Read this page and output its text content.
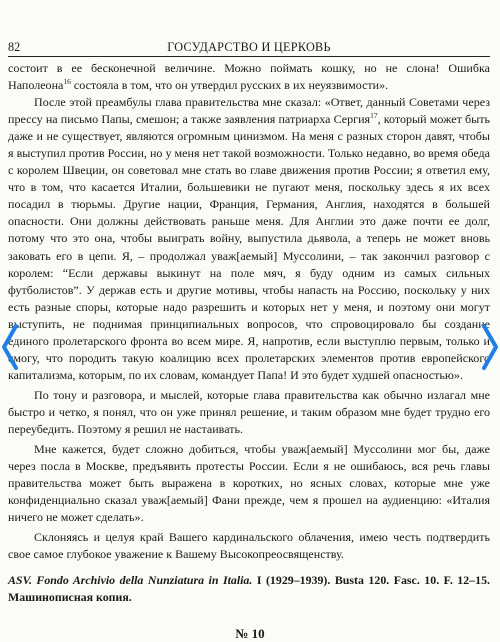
82	ГОСУДАРСТВО И ЦЕРКОВЬ

состоит в ее бесконечной величине. Можно поймать кошку, но не слона! Ошибка Наполеона$^{16}$ состояла в том, что он утвердил русских в их неуязвимости».

После этой преамбулы глава правительства мне сказал: «Ответ, данный Советами через прессу на письмо Папы, смешон; а также заявления патриарха Сергия$^{17}$, который может быть даже и не существует, являются огромным цинизмом. На меня с разных сторон давят, чтобы я выступил против России, но у меня нет такой возможности. Только недавно, во время обеда с королем Швеции, он советовал мне стать во главе движения против России; я ответил ему, что в том, что касается Италии, большевики не пугают меня, поскольку здесь я их всех посадил в тюрьмы. Другие нации, Франция, Германия, Англия, находятся в большей опасности. Они должны действовать раньше меня. Для Англии это даже почти ее долг, потому что это она, чтобы выиграть войну, выпустила дьявола, а теперь не может вновь заковать его в цепи. Я, – продолжал уваж[аемый] Муссолини, – так закончил разговор с королем: “Если державы выкинут на поле мяч, я буду одним из самых сильных футболистов”. У держав есть и другие мотивы, чтобы напасть на Россию, поскольку у них есть разные споры, которые надо разрешить и которых нет у меня, и поэтому они могут выступить, не поднимая принципиальных вопросов, что спровоцировало бы создание единого пролетарского фронта во всем мире. Я, напротив, если выступлю первым, только и смогу, что породить такую коалицию всех пролетарских элементов против европейского капитализма, которым, по их словам, командует Папа! И это будет худшей опасностью».

По тону и разговора, и мыслей, которые глава правительства как обычно излагал мне быстро и четко, я понял, что он уже принял решение, и таким образом мне будет трудно его переубедить. Поэтому я решил не настаивать.

Мне кажется, будет сложно добиться, чтобы уваж[аемый] Муссолини мог бы, даже через посла в Москве, предъявить протесты России. Если я не ошибаюсь, вся речь главы правительства может быть выражена в коротких, но ясных словах, которые мне уже конфиденциально сказал уваж[аемый] Фани прежде, чем я прошел на аудиенцию: «Италия ничего не может сделать».

Склоняясь и целуя край Вашего кардинальского облачения, имею честь подтвердить свое самое глубокое уважение к Вашему Высокопреосвященству.

ASV. Fondo Archivio della Nunziatura in Italia. I (1929–1939). Busta 120. Fasc. 10. F. 12–15. Машинописная копия.
№ 10
